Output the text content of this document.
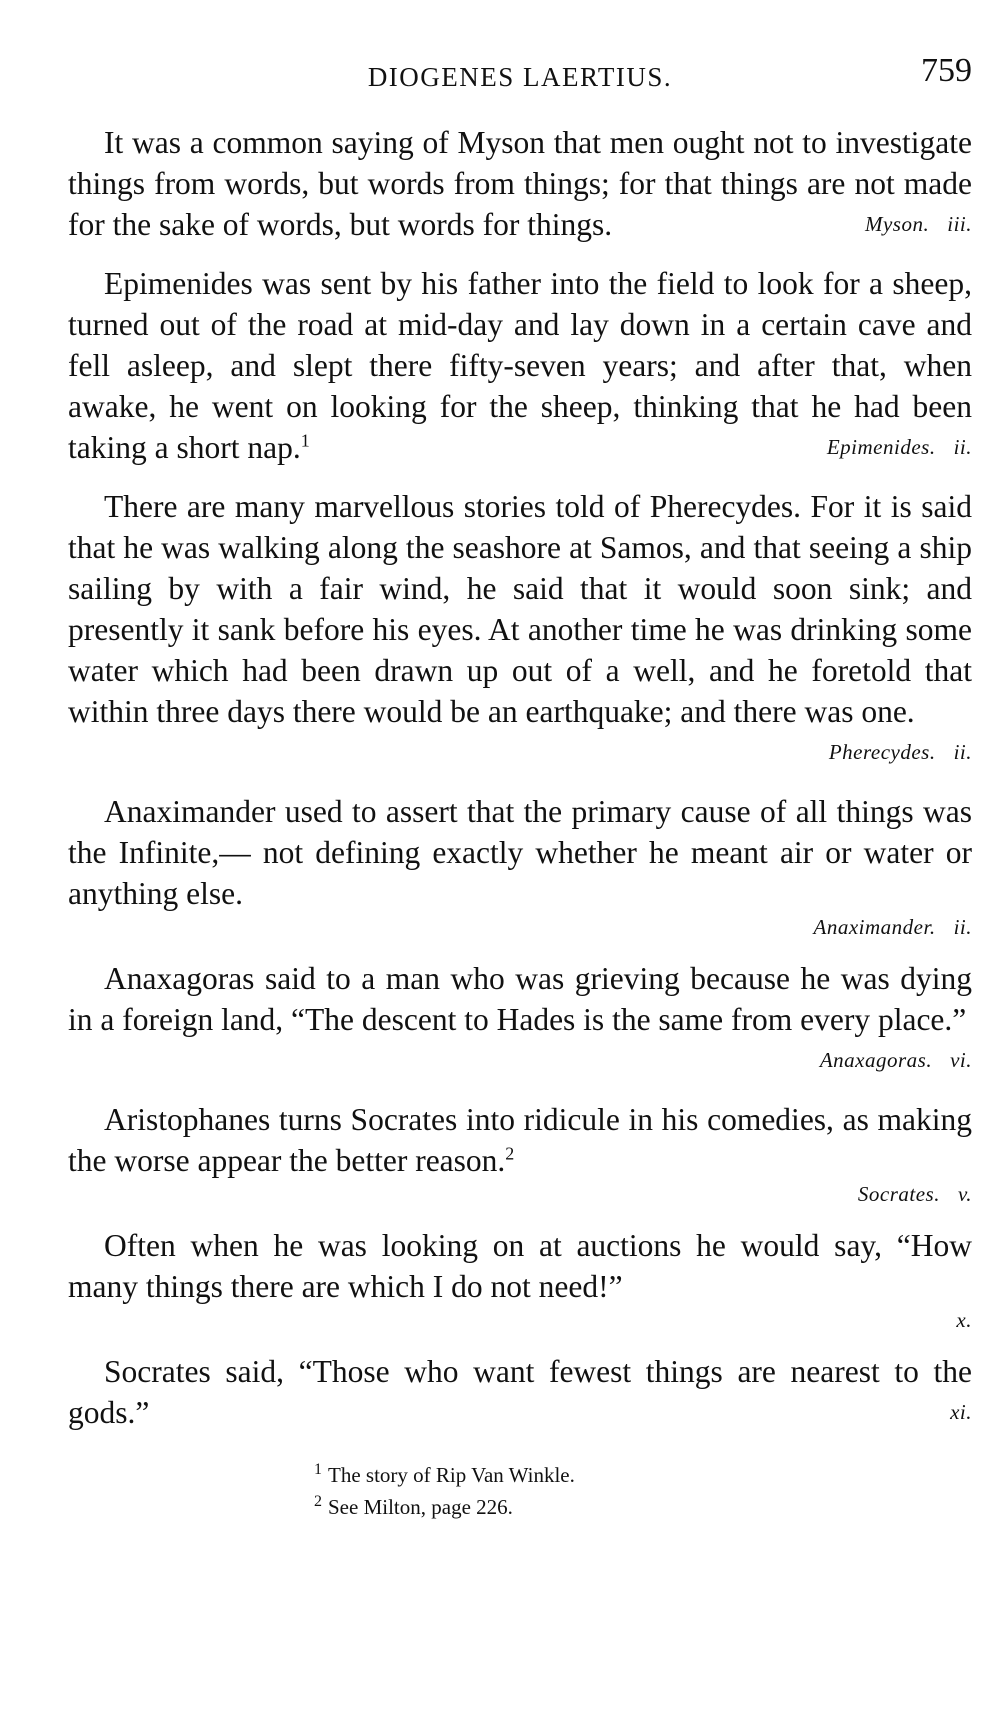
DIOGENES LAERTIUS.	759

It was a common saying of Myson that men ought not to investigate things from words, but words from things; for that things are not made for the sake of words, but words for things.	Myson. iii.

Epimenides was sent by his father into the field to look for a sheep, turned out of the road at mid-day and lay down in a certain cave and fell asleep, and slept there fifty-seven years; and after that, when awake, he went on looking for the sheep, thinking that he had been taking a short nap.$^1$	Epimenides. ii.

There are many marvellous stories told of Pherecydes. For it is said that he was walking along the seashore at Samos, and that seeing a ship sailing by with a fair wind, he said that it would soon sink; and presently it sank before his eyes. At another time he was drinking some water which had been drawn up out of a well, and he foretold that within three days there would be an earthquake; and there was one.
Pherecydes. ii.

Anaximander used to assert that the primary cause of all things was the Infinite,— not defining exactly whether he meant air or water or anything else.

Anaximander. ii.

Anaxagoras said to a man who was grieving because he was dying in a foreign land, “The descent to Hades is the same from every place.”
Anaxagoras. vi.

Aristophanes turns Socrates into ridicule in his comedies, as making the worse appear the better reason.$^2$

Socrates. v.

Often when he was looking on at auctions he would say, “How many things there are which I do not need!”

x.

Socrates said, “Those who want fewest things are nearest to the gods.”	xi.

$^1$ The story of Rip Van Winkle.
$^2$ See Milton, page 226.
